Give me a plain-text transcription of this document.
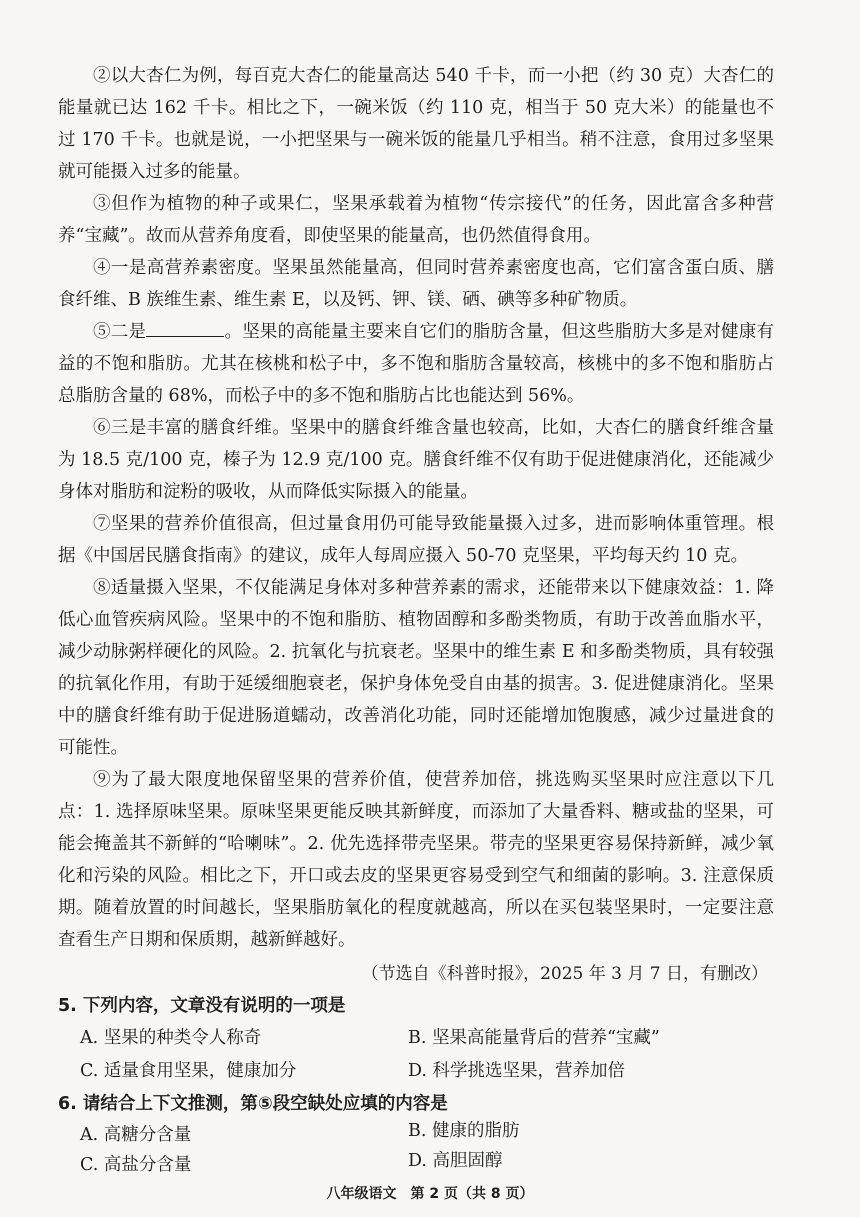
②以大杏仁为例，每百克大杏仁的能量高达 540 千卡，而一小把（约 30 克）大杏仁的能量就已达 162 千卡。相比之下，一碗米饭（约 110 克，相当于 50 克大米）的能量也不过 170 千卡。也就是说，一小把坚果与一碗米饭的能量几乎相当。稍不注意，食用过多坚果就可能摄入过多的能量。

③但作为植物的种子或果仁，坚果承载着为植物“传宗接代”的任务，因此富含多种营养“宝藏”。故而从营养角度看，即使坚果的能量高，也仍然值得食用。

④一是高营养素密度。坚果虽然能量高，但同时营养素密度也高，它们富含蛋白质、膳食纤维、B 族维生素、维生素 E，以及钙、钾、镁、硒、碘等多种矿物质。

⑤二是	。坚果的高能量主要来自它们的脂肪含量，但这些脂肪大多是对健康有益的不饱和脂肪。尤其在核桃和松子中，多不饱和脂肪含量较高，核桃中的多不饱和脂肪占总脂肪含量的 68%，而松子中的多不饱和脂肪占比也能达到 56%。

⑥三是丰富的膳食纤维。坚果中的膳食纤维含量也较高，比如，大杏仁的膳食纤维含量为 18.5 克/100 克，榛子为 12.9 克/100 克。膳食纤维不仅有助于促进健康消化，还能减少身体对脂肪和淀粉的吸收，从而降低实际摄入的能量。

⑦坚果的营养价值很高，但过量食用仍可能导致能量摄入过多，进而影响体重管理。根据《中国居民膳食指南》的建议，成年人每周应摄入 50-70 克坚果，平均每天约 10 克。

⑧适量摄入坚果，不仅能满足身体对多种营养素的需求，还能带来以下健康效益：1. 降低心血管疾病风险。坚果中的不饱和脂肪、植物固醇和多酚类物质，有助于改善血脂水平，减少动脉粥样硬化的风险。2. 抗氧化与抗衰老。坚果中的维生素 E 和多酚类物质，具有较强的抗氧化作用，有助于延缓细胞衰老，保护身体免受自由基的损害。3. 促进健康消化。坚果中的膳食纤维有助于促进肠道蠕动，改善消化功能，同时还能增加饱腹感，减少过量进食的可能性。

⑨为了最大限度地保留坚果的营养价值，使营养加倍，挑选购买坚果时应注意以下几点：1. 选择原味坚果。原味坚果更能反映其新鲜度，而添加了大量香料、糖或盐的坚果，可能会掩盖其不新鲜的“哈喇味”。2. 优先选择带壳坚果。带壳的坚果更容易保持新鲜，减少氧化和污染的风险。相比之下，开口或去皮的坚果更容易受到空气和细菌的影响。3. 注意保质期。随着放置的时间越长，坚果脂肪氧化的程度就越高，所以在买包装坚果时，一定要注意查看生产日期和保质期，越新鲜越好。

（节选自《科普时报》，2025 年 3 月 7 日，有删改）
5. 下列内容，文章没有说明的一项是
A. 坚果的种类令人称奇	B. 坚果高能量背后的营养“宝藏”
C. 适量食用坚果，健康加分	D. 科学挑选坚果，营养加倍
6. 请结合上下文推测，第⑤段空缺处应填的内容是
A. 高糖分含量	B. 健康的脂肪
C. 高盐分含量	D. 高胆固醇
八年级语文　第 2 页（共 8 页）
